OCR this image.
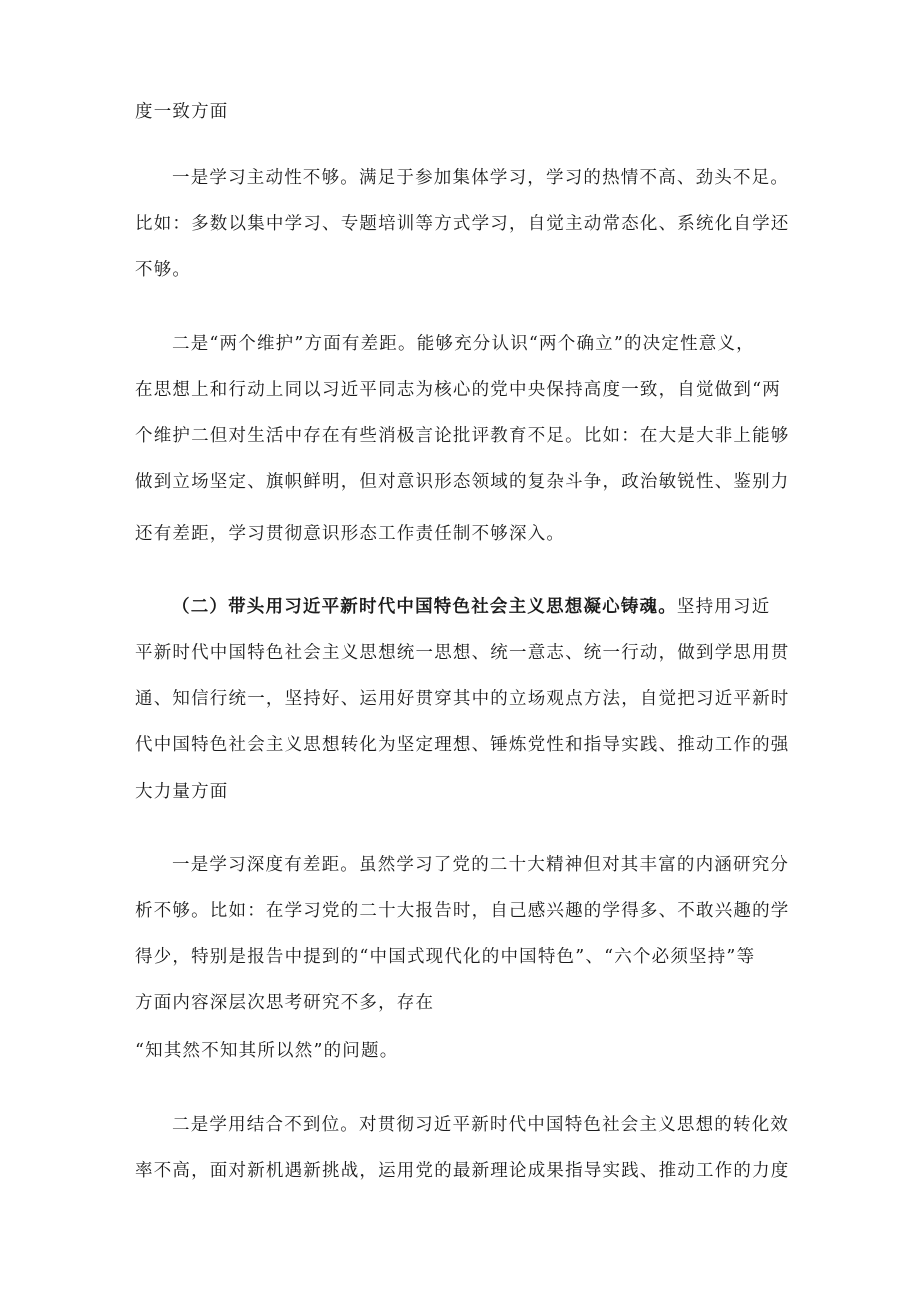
度一致方面
一是学习主动性不够。满足于参加集体学习，学习的热情不高、劲头不足。
比如：多数以集中学习、专题培训等方式学习，自觉主动常态化、系统化自学还
不够。
二是“两个维护”方面有差距。能够充分认识“两个确立”的决定性意义，
在思想上和行动上同以习近平同志为核心的党中央保持高度一致，自觉做到“两
个维护二但对生活中存在有些消极言论批评教育不足。比如：在大是大非上能够
做到立场坚定、旗帜鲜明，但对意识形态领域的复杂斗争，政治敏锐性、鉴别力
还有差距，学习贯彻意识形态工作责任制不够深入。
（二）带头用习近平新时代中国特色社会主义思想凝心铸魂。坚持用习近
平新时代中国特色社会主义思想统一思想、统一意志、统一行动，做到学思用贯
通、知信行统一，坚持好、运用好贯穿其中的立场观点方法，自觉把习近平新时
代中国特色社会主义思想转化为坚定理想、锤炼党性和指导实践、推动工作的强
大力量方面
一是学习深度有差距。虽然学习了党的二十大精神但对其丰富的内涵研究分
析不够。比如：在学习党的二十大报告时，自己感兴趣的学得多、不敢兴趣的学
得少，特别是报告中提到的“中国式现代化的中国特色”、“六个必须坚持”等
方面内容深层次思考研究不多，存在
“知其然不知其所以然”的问题。
二是学用结合不到位。对贯彻习近平新时代中国特色社会主义思想的转化效
率不高，面对新机遇新挑战，运用党的最新理论成果指导实践、推动工作的力度
